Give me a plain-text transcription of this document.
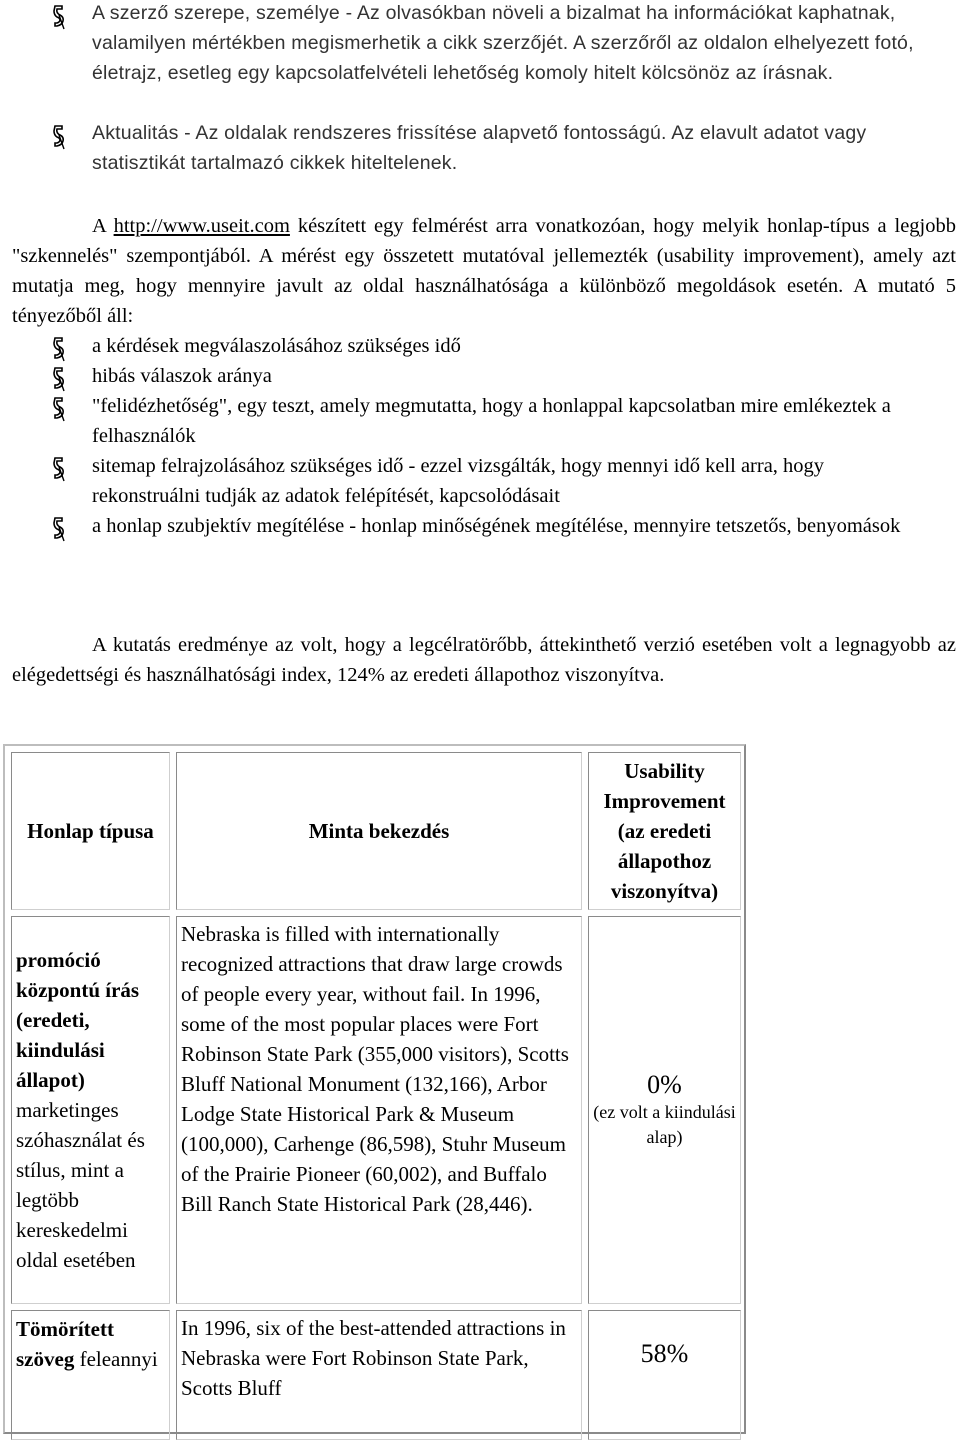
A szerző szerepe, személye - Az olvasókban növeli a bizalmat ha információkat kaphatnak, valamilyen mértékben megismerhetik a cikk szerzőjét. A szerzőről az oldalon elhelyezett fotó, életrajz, esetleg egy kapcsolatfelvételi lehetőség komoly hitelt kölcsönöz az írásnak.
Aktualitás - Az oldalak rendszeres frissítése alapvető fontosságú. Az elavult adatot vagy statisztikát tartalmazó cikkek hiteltelenek.
A http://www.useit.com készített egy felmérést arra vonatkozóan, hogy melyik honlap-típus a legjobb "szkennelés" szempontjából. A mérést egy összetett mutatóval jellemezték (usability improvement), amely azt mutatja meg, hogy mennyire javult az oldal használhatósága a különböző megoldások esetén. A mutató 5 tényezőből áll:
a kérdések megválaszolásához szükséges idő
hibás válaszok aránya
"felidézhetőség", egy teszt, amely megmutatta, hogy a honlappal kapcsolatban mire emlékeztek a felhasználók
sitemap felrajzolásához szükséges idő - ezzel vizsgálták, hogy mennyi idő kell arra, hogy rekonstruálni tudják az adatok felépítését, kapcsolódásait
a honlap szubjektív megítélése - honlap minőségének megítélése, mennyire tetszetős, benyomások
A kutatás eredménye az volt, hogy a legcélratörőbb, áttekinthető verzió esetében volt a legnagyobb az elégedettségi és használhatósági index, 124% az eredeti állapothoz viszonyítva.
Honlap típusa	Minta bekezdés
Usability Improvement (az eredeti állapothoz viszonyítva)
promóció központú írás (eredeti, kiindulási állapot) marketinges szóhasználat és stílus, mint a legtöbb kereskedelmi oldal esetében
Nebraska is filled with internationally recognized attractions that draw large crowds of people every year, without fail. In 1996, some of the most popular places were Fort Robinson State Park (355,000 visitors), Scotts Bluff National Monument (132,166), Arbor Lodge State Historical Park & Museum (100,000), Carhenge (86,598), Stuhr Museum of the Prairie Pioneer (60,002), and Buffalo Bill Ranch State Historical Park (28,446).
0%
(ez volt a kiindulási alap)
Tömörített szöveg feleannyi
In 1996, six of the best-attended attractions in Nebraska were Fort Robinson State Park, Scotts Bluff
58%
